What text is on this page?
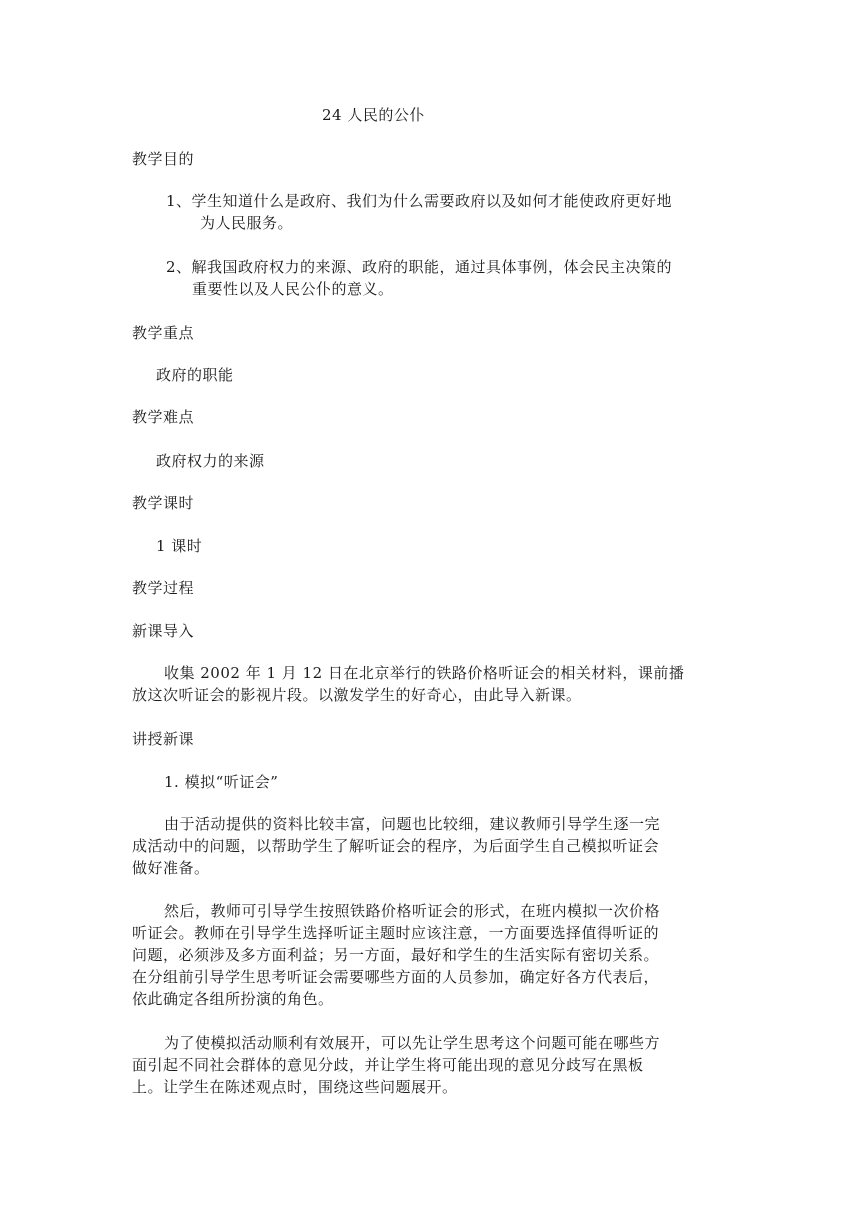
24 人民的公仆
教学目的
1、学生知道什么是政府、我们为什么需要政府以及如何才能使政府更好地
为人民服务。
2、解我国政府权力的来源、政府的职能，通过具体事例，体会民主决策的
重要性以及人民公仆的意义。
教学重点
政府的职能
教学难点
政府权力的来源
教学课时
1 课时
教学过程
新课导入
收集 2002 年 1 月 12 日在北京举行的铁路价格听证会的相关材料，课前播
放这次听证会的影视片段。以激发学生的好奇心，由此导入新课。
讲授新课
1. 模拟“听证会”
由于活动提供的资料比较丰富，问题也比较细，建议教师引导学生逐一完
成活动中的问题，以帮助学生了解听证会的程序，为后面学生自己模拟听证会
做好准备。
然后，教师可引导学生按照铁路价格听证会的形式，在班内模拟一次价格
听证会。教师在引导学生选择听证主题时应该注意，一方面要选择值得听证的
问题，必须涉及多方面利益；另一方面，最好和学生的生活实际有密切关系。
在分组前引导学生思考听证会需要哪些方面的人员参加，确定好各方代表后，
依此确定各组所扮演的角色。
为了使模拟活动顺利有效展开，可以先让学生思考这个问题可能在哪些方
面引起不同社会群体的意见分歧，并让学生将可能出现的意见分歧写在黑板
上。让学生在陈述观点时，围绕这些问题展开。
